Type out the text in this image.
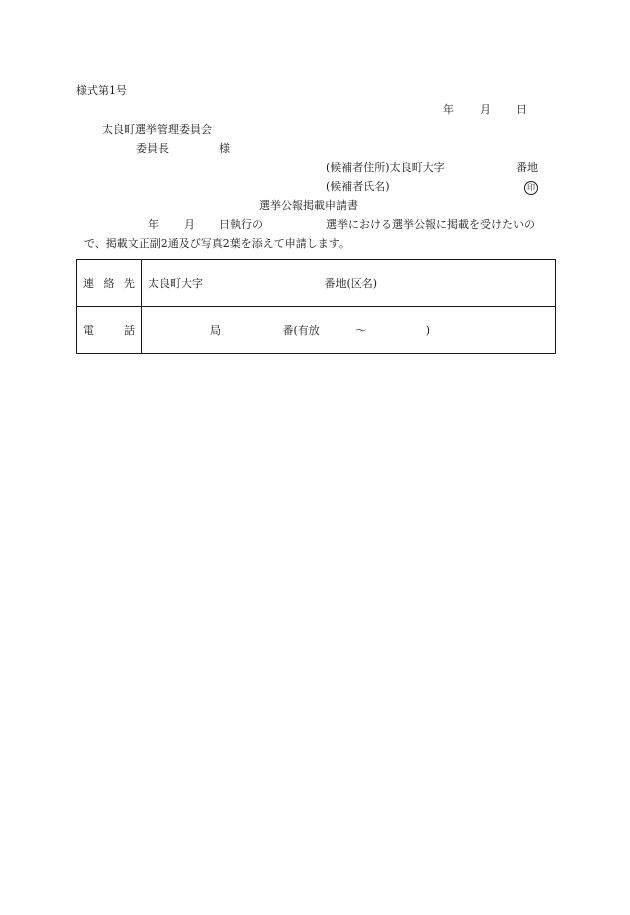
様式第1号
年 月 日
太良町選挙管理委員会
委員長	様
(候補者住所)太良町大字	番地
(候補者氏名)	印
選挙公報掲載申請書
年 月 日執行の	選挙における選挙公報に掲載を受けたいの
で、掲載文正副2通及び写真2葉を添えて申請します。
連 絡 先	太良町大字 番地(区名)

電 話	局 番(有放 ～ )
